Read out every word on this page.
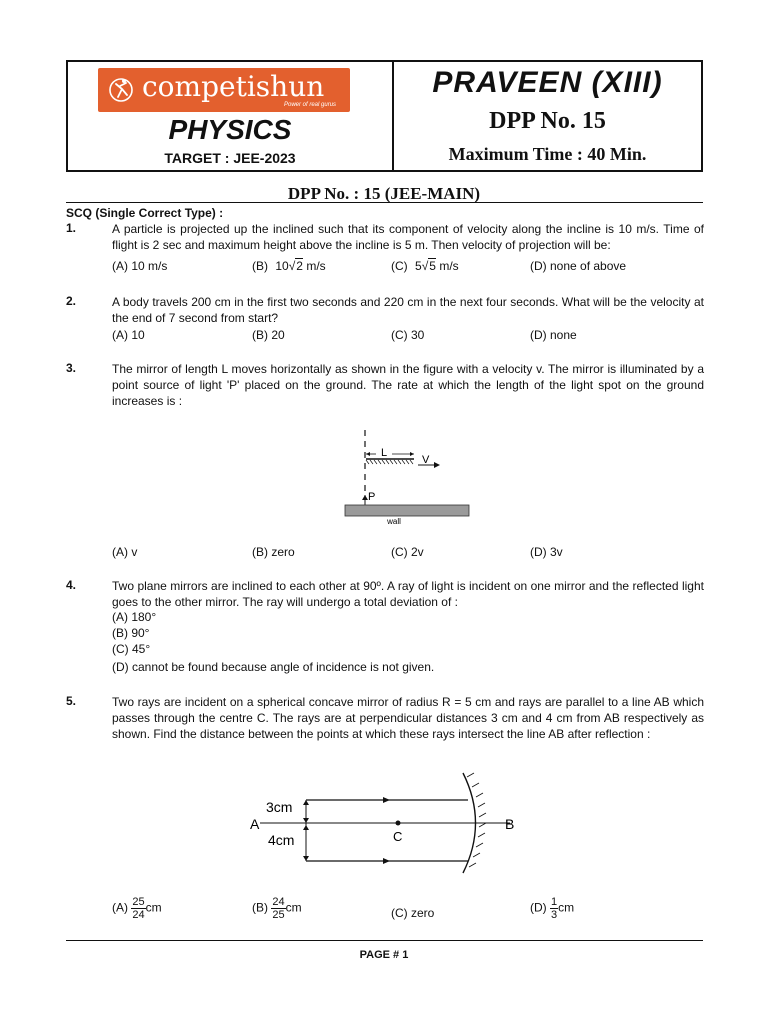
competishun
Power of real gurus
PHYSICS
TARGET : JEE-2023
PRAVEEN (XIII)
DPP No. 15
Maximum Time : 40 Min.
DPP No. : 15 (JEE-MAIN)
SCQ (Single Correct Type) :
1.	A particle is projected up the inclined such that its component of velocity along the incline is 10 m/s. Time of flight is 2 sec and maximum height above the incline is 5 m. Then velocity of projection will be:
(A) 10 m/s	(B) 10√2 m/s	(C) 5√5 m/s	(D) none of above
2.	A body travels 200 cm in the first two seconds and 220 cm in the next four seconds. What will be the velocity at the end of 7 second from start?
(A) 10	(B) 20	(C) 30	(D) none
3.	The mirror of length L moves horizontally as shown in the figure with a velocity v. The mirror is illuminated by a point source of light 'P' placed on the ground. The rate at which the length of the light spot on the ground increases is :
L
V
P
wall
(A) v	(B) zero	(C) 2v	(D) 3v
4.	Two plane mirrors are inclined to each other at 90º. A ray of light is incident on one mirror and the reflected light goes to the other mirror. The ray will undergo a total deviation of :
(A) 180°
(B) 90°
(C) 45°
(D) cannot be found because angle of incidence is not given.
5.	Two rays are incident on a spherical concave mirror of radius R = 5 cm and rays are parallel to a line AB which passes through the centre C. The rays are at perpendicular distances 3 cm and 4 cm from AB respectively as shown. Find the distance between the points at which these rays intersect the line AB after reflection :
3cm
4cm
A	B
C
$(A) \frac{25}{24}$ cm	$(B) \frac{24}{25}$ cm	(C) zero	$(D) \frac{1}{3}$ cm
PAGE # 1
